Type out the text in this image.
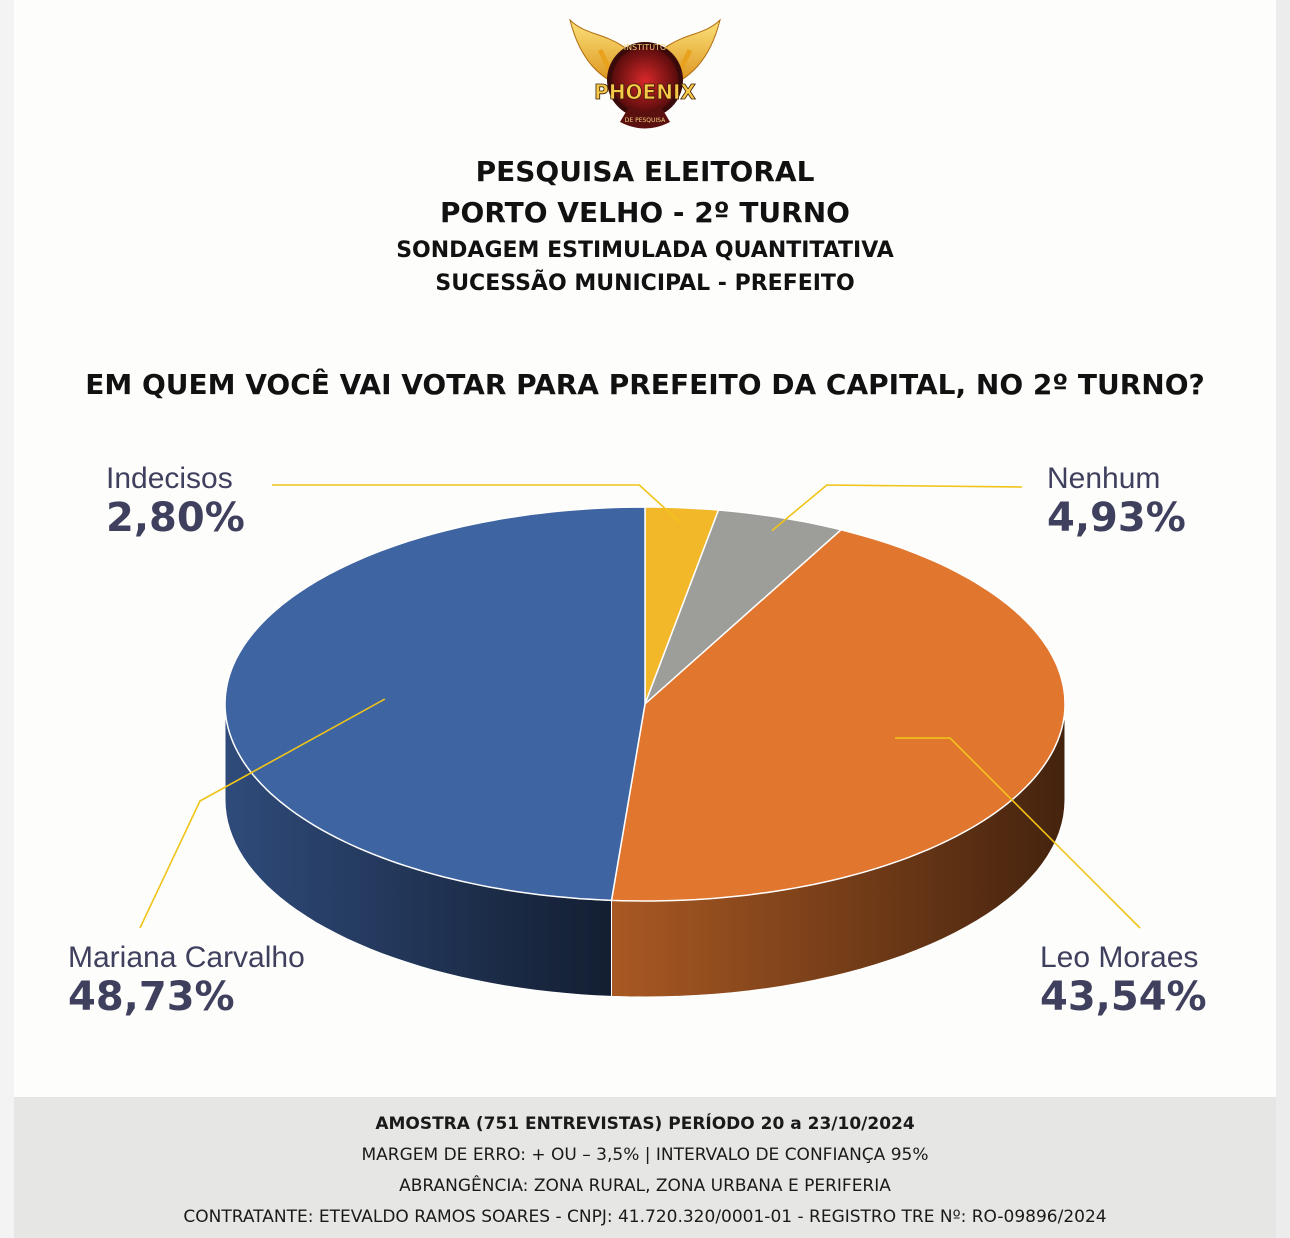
INSTITUTO
PHOENIX
DE PESQUISA
PESQUISA ELEITORAL
PORTO VELHO - 2º TURNO
SONDAGEM ESTIMULADA QUANTITATIVA
SUCESSÃO MUNICIPAL - PREFEITO
EM QUEM VOCÊ VAI VOTAR PARA PREFEITO DA CAPITAL, NO 2º TURNO?
Indecisos
2,80%
Nenhum
4,93%
Leo Moraes
43,54%
Mariana Carvalho
48,73%

AMOSTRA (751 ENTREVISTAS) PERÍODO 20 a 23/10/2024

MARGEM DE ERRO: + OU – 3,5% | INTERVALO DE CONFIANÇA 95%

ABRANGÊNCIA: ZONA RURAL, ZONA URBANA E PERIFERIA

CONTRATANTE: ETEVALDO RAMOS SOARES - CNPJ: 41.720.320/0001-01 - REGISTRO TRE Nº: RO-09896/2024
